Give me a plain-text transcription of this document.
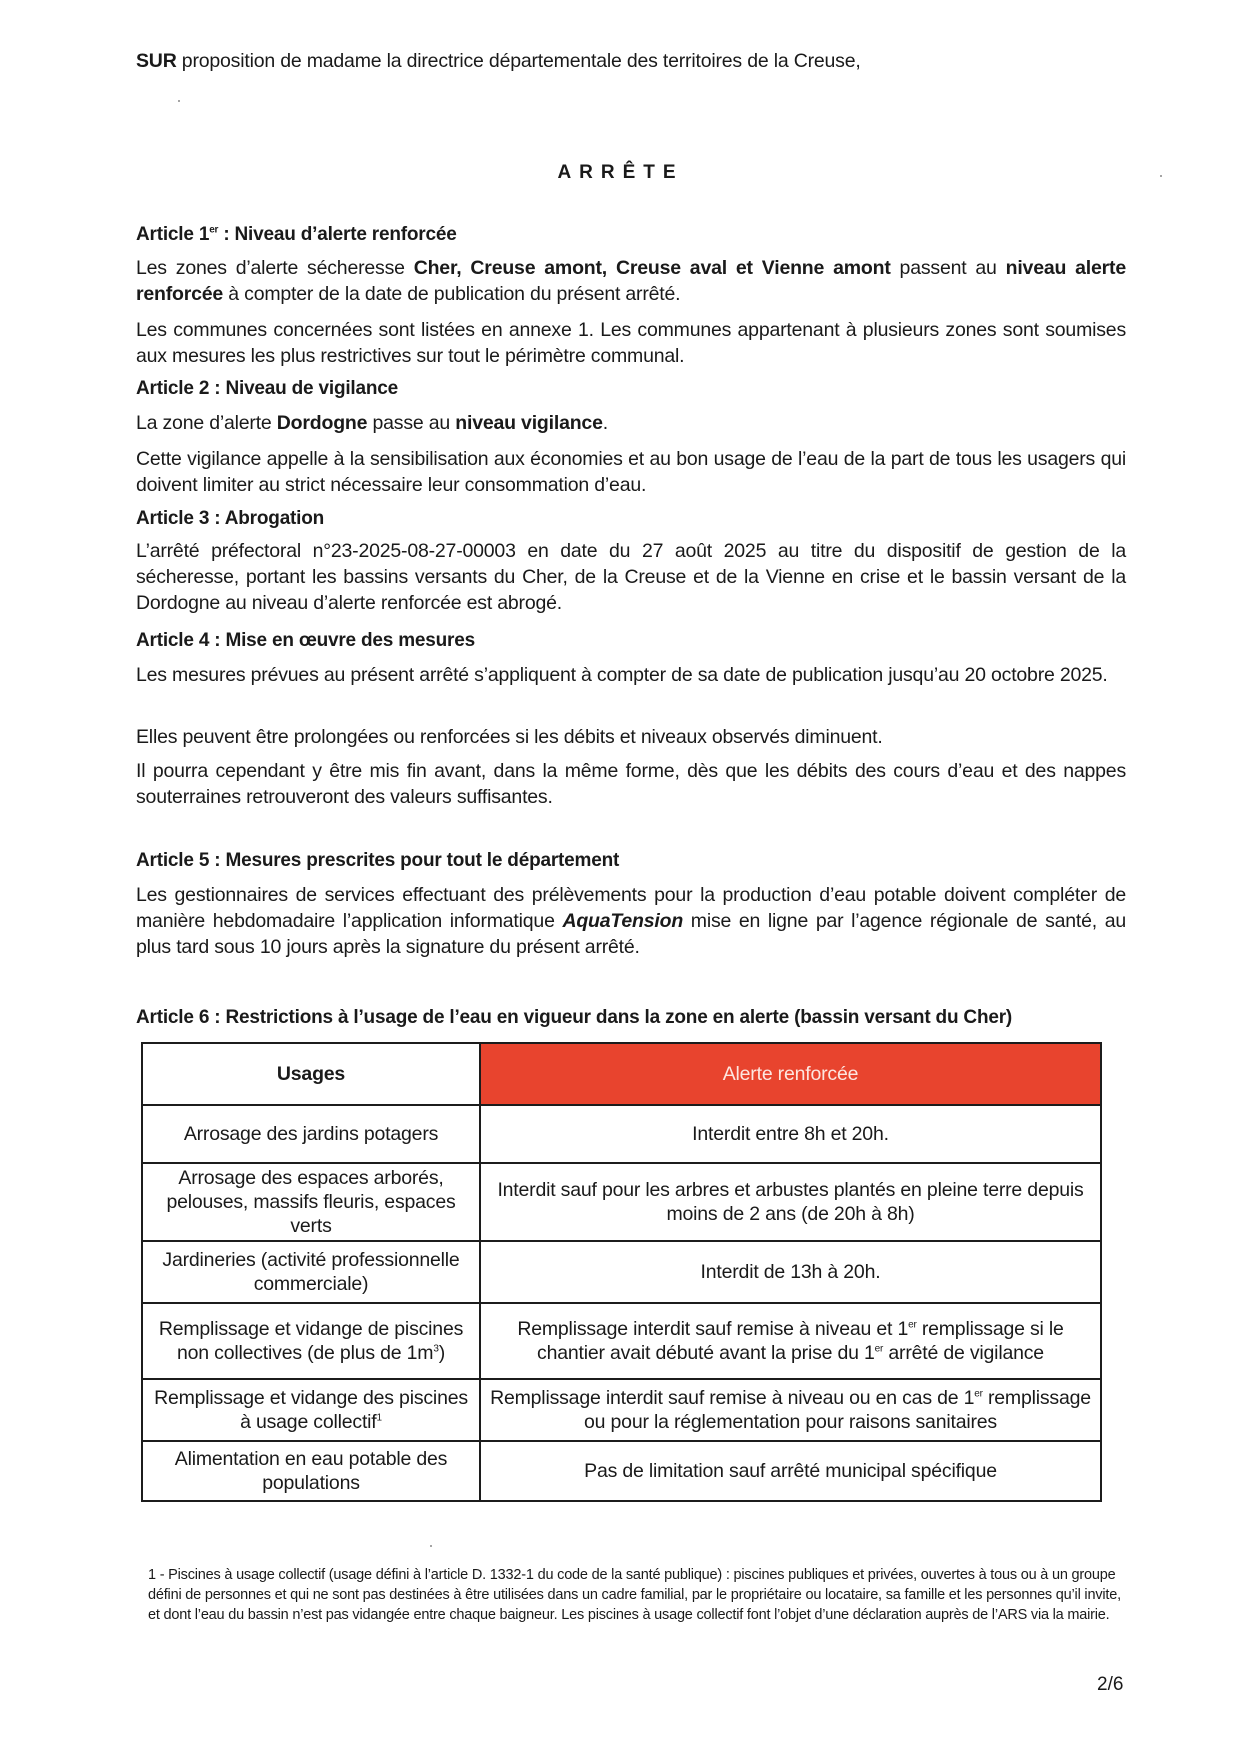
SUR proposition de madame la directrice départementale des territoires de la Creuse,
ARRÊTE
Article 1er : Niveau d’alerte renforcée
Les zones d’alerte sécheresse Cher, Creuse amont, Creuse aval et Vienne amont passent au niveau alerte renforcée à compter de la date de publication du présent arrêté.
Les communes concernées sont listées en annexe 1. Les communes appartenant à plusieurs zones sont soumises aux mesures les plus restrictives sur tout le périmètre communal.
Article 2 : Niveau de vigilance
La zone d’alerte Dordogne passe au niveau vigilance.
Cette vigilance appelle à la sensibilisation aux économies et au bon usage de l’eau de la part de tous les usagers qui doivent limiter au strict nécessaire leur consommation d’eau.
Article 3 : Abrogation
L’arrêté préfectoral n°23-2025-08-27-00003 en date du 27 août 2025 au titre du dispositif de gestion de la sécheresse, portant les bassins versants du Cher, de la Creuse et de la Vienne en crise et le bassin versant de la Dordogne au niveau d’alerte renforcée est abrogé.
Article 4 : Mise en œuvre des mesures
Les mesures prévues au présent arrêté s’appliquent à compter de sa date de publication jusqu’au 20 octobre 2025.
Elles peuvent être prolongées ou renforcées si les débits et niveaux observés diminuent.
Il pourra cependant y être mis fin avant, dans la même forme, dès que les débits des cours d’eau et des nappes souterraines retrouveront des valeurs suffisantes.
Article 5 : Mesures prescrites pour tout le département
Les gestionnaires de services effectuant des prélèvements pour la production d’eau potable doivent compléter de manière hebdomadaire l’application informatique AquaTension mise en ligne par l’agence régionale de santé, au plus tard sous 10 jours après la signature du présent arrêté.
Article 6 : Restrictions à l’usage de l’eau en vigueur dans la zone en alerte (bassin versant du Cher)
Usages	Alerte renforcée
Arrosage des jardins potagers	Interdit entre 8h et 20h.
Arrosage des espaces arborés, pelouses, massifs fleuris, espaces verts	Interdit sauf pour les arbres et arbustes plantés en pleine terre depuis moins de 2 ans (de 20h à 8h)
Jardineries (activité professionnelle commerciale)	Interdit de 13h à 20h.
Remplissage et vidange de piscines non collectives (de plus de $1m^3$)	Remplissage interdit sauf remise à niveau et 1er remplissage si le chantier avait débuté avant la prise du 1er arrêté de vigilance
Remplissage et vidange des piscines à usage collectif$^1$	Remplissage interdit sauf remise à niveau ou en cas de 1er remplissage ou pour la réglementation pour raisons sanitaires
Alimentation en eau potable des populations	Pas de limitation sauf arrêté municipal spécifique
1 - Piscines à usage collectif (usage défini à l’article D. 1332-1 du code de la santé publique) : piscines publiques et privées, ouvertes à tous ou à un groupe défini de personnes et qui ne sont pas destinées à être utilisées dans un cadre familial, par le propriétaire ou locataire, sa famille et les personnes qu’il invite, et dont l’eau du bassin n’est pas vidangée entre chaque baigneur. Les piscines à usage collectif font l’objet d’une déclaration auprès de l’ARS via la mairie.
2/6
